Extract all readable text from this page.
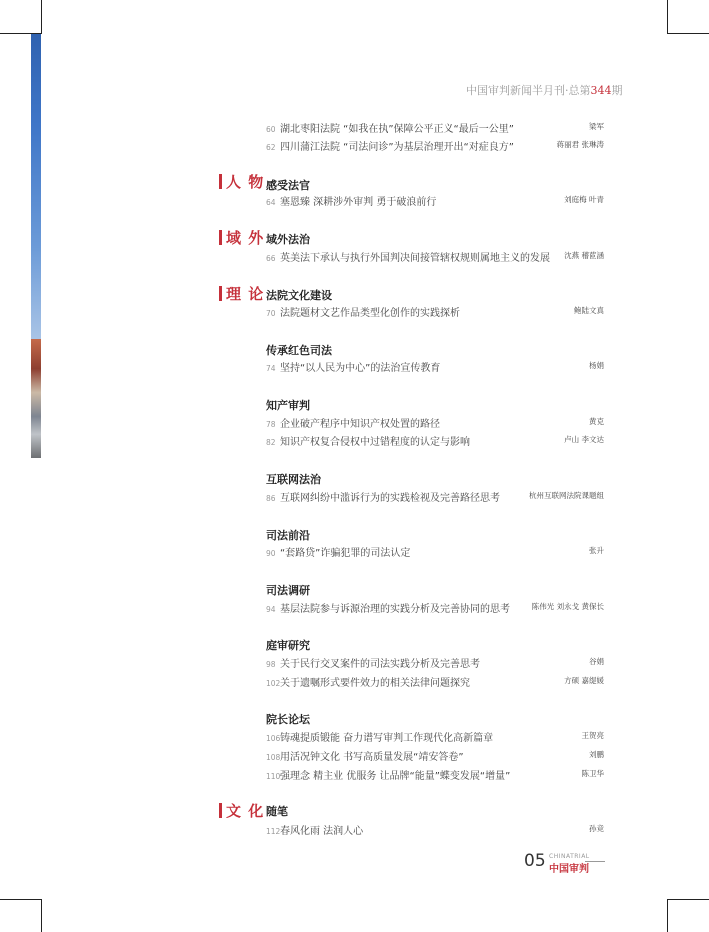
中国审判新闻半月刊·总第344期
人 物
域 外
理 论
文 化
感受法官
域外法治
法院文化建设
传承红色司法
知产审判
互联网法治
司法前沿
司法调研
庭审研究
院长论坛
随笔
60 湖北枣阳法院 “如我在执”保障公平正义“最后一公里”	梁军
62 四川蒲江法院 “司法问诊”为基层治理开出“对症良方”	蒋丽君 张琳涛
64 塞恩臻 深耕涉外审判 勇于破浪前行	刘庭梅 叶青
66 英美法下承认与执行外国判决间接管辖权规则属地主义的发展 沈燕 稽茝涵
70 法院题材文艺作品类型化创作的实践探析	鲍陆文真
74 坚持“以人民为中心”的法治宣传教育	杨娟
78 企业破产程序中知识产权处置的路径	黄克
82 知识产权复合侵权中过错程度的认定与影响	卢山 李文达
86 互联网纠纷中滥诉行为的实践检视及完善路径思考	杭州互联网法院课题组
90 “套路贷”诈骗犯罪的司法认定	张升
94 基层法院参与诉源治理的实践分析及完善协同的思考	陈伟光 刘永戈 黄保长
98 关于民行交叉案件的司法实践分析及完善思考	谷娟
102关于遗嘱形式要件效力的相关法律问题探究	方硕 嘉缇媛
106铸魂提质锻能 奋力谱写审判工作现代化高新篇章	王贺亮
108用活况钟文化 书写高质量发展“靖安答卷”	刘鹏
110强理念 精主业 优服务 让品牌“能量”蝶变发展“增量”	陈卫华
112春风化雨 法润人心	孙竞
05 CHINATRIAL
中国审判
